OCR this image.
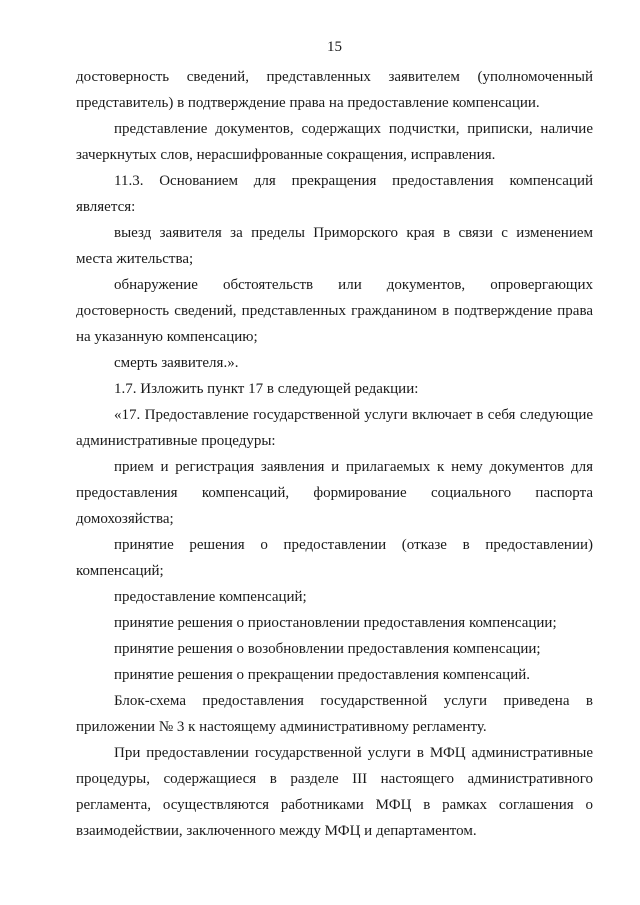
15
достоверность сведений, представленных заявителем (уполномоченный
представитель) в подтверждение права на предоставление компенсации.
представление документов, содержащих подчистки, приписки, наличие
зачеркнутых слов, нерасшифрованные сокращения, исправления.
11.3. Основанием для прекращения предоставления компенсаций
является:
выезд заявителя за пределы Приморского края в связи с изменением
места жительства;
обнаружение обстоятельств или документов, опровергающих
достоверность сведений, представленных гражданином в подтверждение права
на указанную компенсацию;
смерть заявителя.».
1.7. Изложить пункт 17 в следующей редакции:
«17. Предоставление государственной услуги включает в себя следующие
административные процедуры:
прием и регистрация заявления и прилагаемых к нему документов для
предоставления компенсаций, формирование социального паспорта
домохозяйства;
принятие решения о предоставлении (отказе в предоставлении)
компенсаций;
предоставление компенсаций;
принятие решения о приостановлении предоставления компенсации;
принятие решения о возобновлении предоставления компенсации;
принятие решения о прекращении предоставления компенсаций.
Блок-схема предоставления государственной услуги приведена в
приложении № 3 к настоящему административному регламенту.
При предоставлении государственной услуги в МФЦ административные
процедуры, содержащиеся в разделе III настоящего административного
регламента, осуществляются работниками МФЦ в рамках соглашения о
взаимодействии, заключенного между МФЦ и департаментом.
